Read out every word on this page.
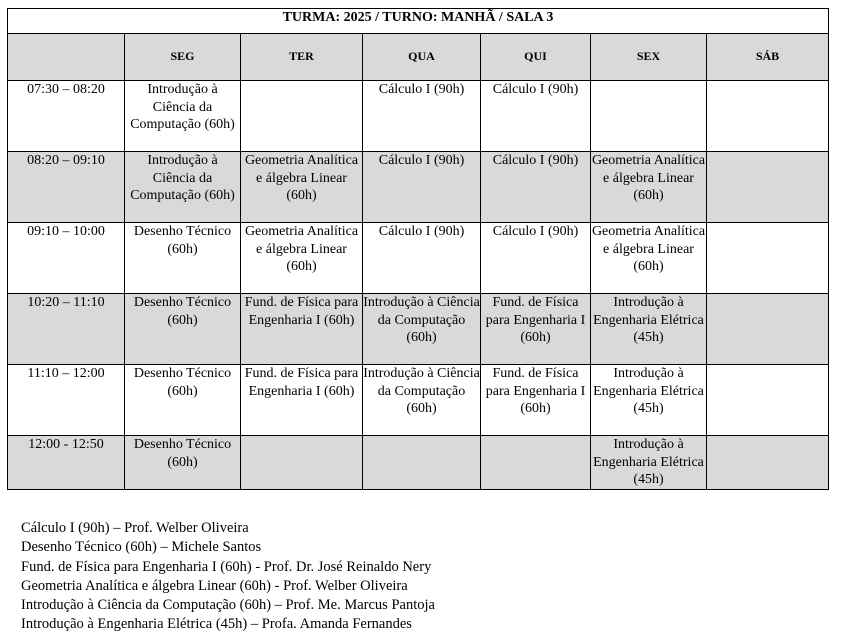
TURMA: 2025 / TURNO: MANHÃ / SALA 3						
	SEG	TER	QUA	QUI	SEX	SÁB
07:30 – 08:20	Introdução à Ciência da Computação (60h)		Cálculo I (90h)	Cálculo I (90h)		
08:20 – 09:10	Introdução à Ciência da Computação (60h)	Geometria Analítica e álgebra Linear (60h)	Cálculo I (90h)	Cálculo I (90h)	Geometria Analítica e álgebra Linear (60h)	
09:10 – 10:00	Desenho Técnico (60h)	Geometria Analítica e álgebra Linear (60h)	Cálculo I (90h)	Cálculo I (90h)	Geometria Analítica e álgebra Linear (60h)	
10:20 – 11:10	Desenho Técnico (60h)	Fund. de Física para Engenharia I (60h)	Introdução à Ciência da Computação (60h)	Fund. de Física para Engenharia I (60h)	Introdução à Engenharia Elétrica (45h)	
11:10 – 12:00	Desenho Técnico (60h)	Fund. de Física para Engenharia I (60h)	Introdução à Ciência da Computação (60h)	Fund. de Física para Engenharia I (60h)	Introdução à Engenharia Elétrica (45h)	
12:00 - 12:50	Desenho Técnico (60h)				Introdução à Engenharia Elétrica (45h)	
Cálculo I (90h) – Prof. Welber Oliveira
Desenho Técnico (60h) – Michele Santos
Fund. de Física para Engenharia I (60h) - Prof. Dr. José Reinaldo Nery
Geometria Analítica e álgebra Linear (60h) - Prof. Welber Oliveira
Introdução à Ciência da Computação (60h) – Prof. Me. Marcus Pantoja
Introdução à Engenharia Elétrica (45h) – Profa. Amanda Fernandes
